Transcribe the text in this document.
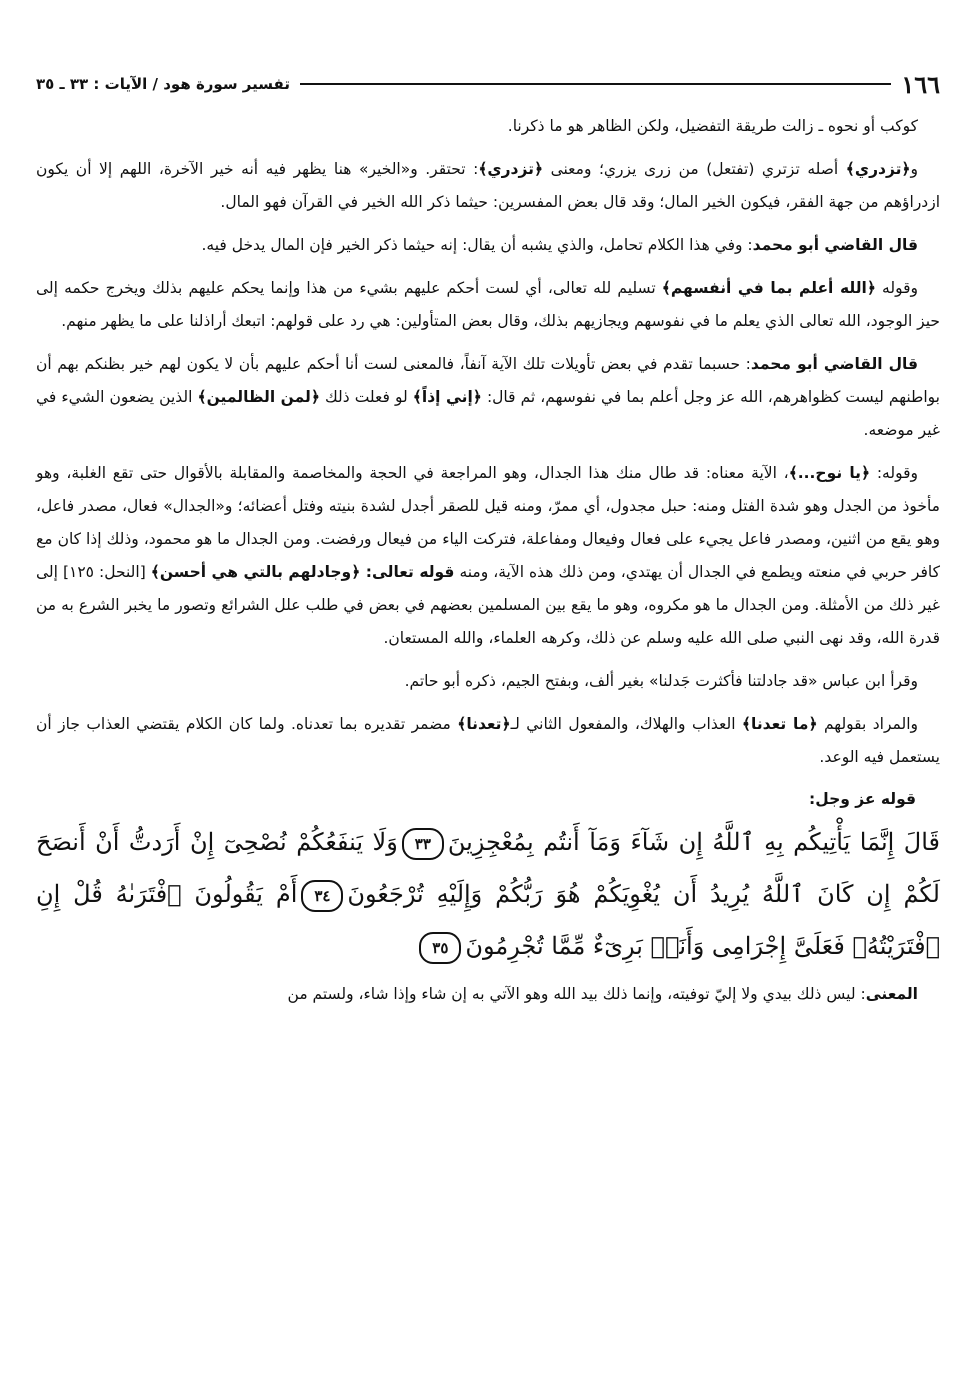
١٦٦
تفسير سورة هود / الآيات : ٣٣ ـ ٣٥

كوكب أو نحوه ـ زالت طريقة التفضيل، ولكن الظاهر هو ما ذكرنا.

و﴿تزدري﴾ أصله تزتري (تفتعل) من زرى يزري؛ ومعنى ﴿تزدري﴾: تحتقر. و«الخير» هنا يظهر فيه أنه خير الآخرة، اللهم إلا أن يكون ازدراؤهم من جهة الفقر، فيكون الخير المال؛ وقد قال بعض المفسرين: حيثما ذكر الله الخير في القرآن فهو المال.

قال القاضي أبو محمد: وفي هذا الكلام تحامل، والذي يشبه أن يقال: إنه حيثما ذكر الخير فإن المال يدخل فيه.

وقوله ﴿الله أعلم بما في أنفسهم﴾ تسليم لله تعالى، أي لست أحكم عليهم بشيء من هذا وإنما يحكم عليهم بذلك ويخرج حكمه إلى حيز الوجود، الله تعالى الذي يعلم ما في نفوسهم ويجازيهم بذلك، وقال بعض المتأولين: هي رد على قولهم: اتبعك أراذلنا على ما يظهر منهم.

قال القاضي أبو محمد: حسبما تقدم في بعض تأويلات تلك الآية آنفاً، فالمعنى لست أنا أحكم عليهم بأن لا يكون لهم خير بظنكم بهم أن بواطنهم ليست كظواهرهم، الله عز وجل أعلم بما في نفوسهم، ثم قال: ﴿إني إذاً﴾ لو فعلت ذلك ﴿لمن الظالمين﴾ الذين يضعون الشيء في غير موضعه.

وقوله: ﴿يا نوح...﴾، الآية معناه: قد طال منك هذا الجدال، وهو المراجعة في الحجة والمخاصمة والمقابلة بالأقوال حتى تقع الغلبة، وهو مأخوذ من الجدل وهو شدة الفتل ومنه: حبل مجدول، أي ممرّ، ومنه قيل للصقر أجدل لشدة بنيته وفتل أعضائه؛ و«الجدال» فعال، مصدر فاعل، وهو يقع من اثنين، ومصدر فاعل يجيء على فعال وفيعال ومفاعلة، فتركت الياء من فيعال ورفضت. ومن الجدال ما هو محمود، وذلك إذا كان مع كافر حربي في منعته ويطمع في الجدال أن يهتدي، ومن ذلك هذه الآية، ومنه قوله تعالى: ﴿وجادلهم بالتي هي أحسن﴾ [النحل: ١٢٥] إلى غير ذلك من الأمثلة. ومن الجدال ما هو مكروه، وهو ما يقع بين المسلمين بعضهم في بعض في طلب علل الشرائع وتصور ما يخبر الشرع به من قدرة الله، وقد نهى النبي صلى الله عليه وسلم عن ذلك، وكرهه العلماء، والله المستعان.

وقرأ ابن عباس «قد جادلتنا فأكثرت جَدلنا» بغير ألف، وبفتح الجيم، ذكره أبو حاتم.

والمراد بقولهم ﴿ما تعدنا﴾ العذاب والهلاك، والمفعول الثاني لـ﴿تعدنا﴾ مضمر تقديره بما تعدناه. ولما كان الكلام يقتضي العذاب جاز أن يستعمل فيه الوعد.

قوله عز وجل:
قَالَ إِنَّمَا يَأْتِيكُم بِهِ ٱللَّهُ إِن شَآءَ وَمَآ أَنتُم بِمُعْجِزِينَ٣٣وَلَا يَنفَعُكُمْ نُصْحِىٓ إِنْ أَرَدتُّ أَنْ أَنصَحَ لَكُمْ إِن كَانَ ٱللَّهُ يُرِيدُ أَن يُغْوِيَكُمْ هُوَ رَبُّكُمْ وَإِلَيْهِ تُرْجَعُونَ٣٤أَمْ يَقُولُونَ ٱفْتَرَىٰهُ قُلْ إِنِ ٱفْتَرَيْتُهُۥ فَعَلَىَّ إِجْرَامِى وَأَنَا۠ بَرِىٓءٌ مِّمَّا تُجْرِمُونَ٣٥

المعنى: ليس ذلك بيدي ولا إليّ توفيته، وإنما ذلك بيد الله وهو الآتي به إن شاء وإذا شاء، ولستم من
